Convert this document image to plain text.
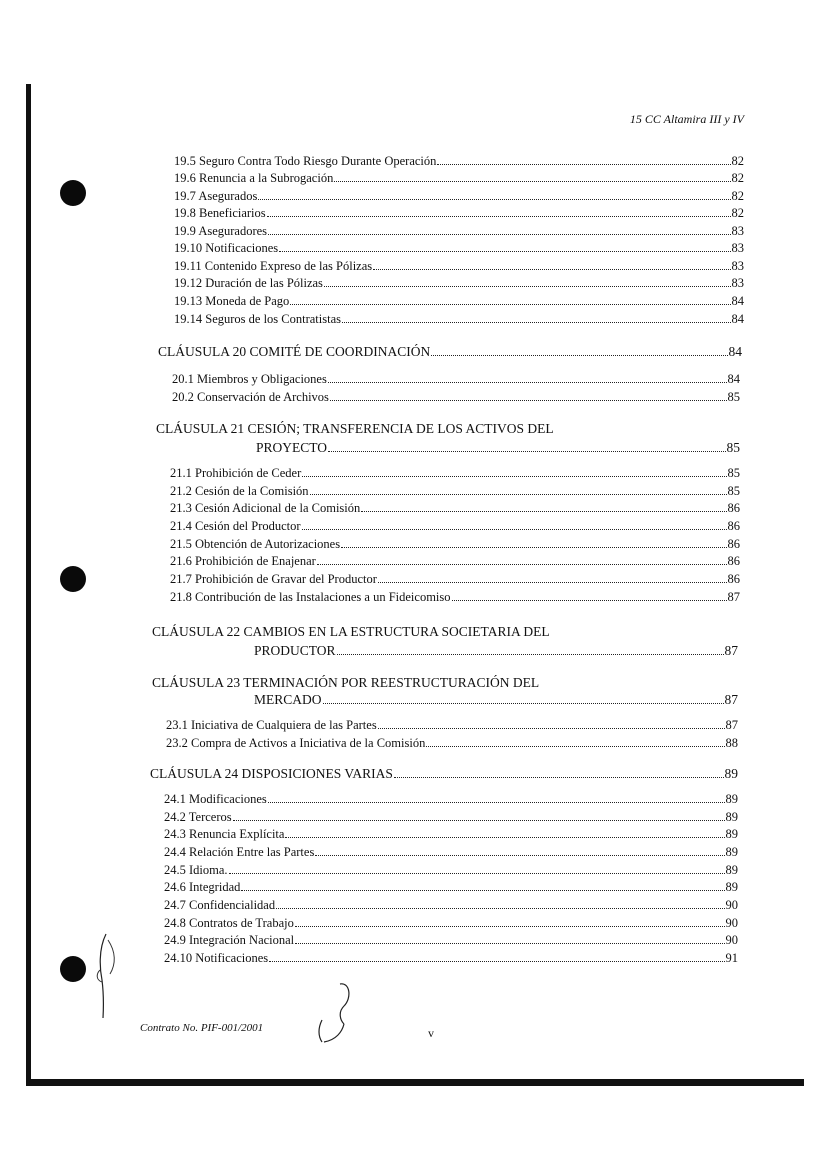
15 CC Altamira III y IV
19.5 Seguro Contra Todo Riesgo Durante Operación	82
19.6 Renuncia a la Subrogación	82
19.7 Asegurados	82
19.8 Beneficiarios	82
19.9 Aseguradores	83
19.10 Notificaciones	83
19.11 Contenido Expreso de las Pólizas	83
19.12 Duración de las Pólizas	83
19.13 Moneda de Pago	84
19.14 Seguros de los Contratistas	84
CLÁUSULA 20 COMITÉ DE COORDINACIÓN	84
20.1 Miembros y Obligaciones	84
20.2 Conservación de Archivos	85
CLÁUSULA 21 CESIÓN; TRANSFERENCIA DE LOS ACTIVOS DEL
PROYECTO	85
21.1 Prohibición de Ceder	85
21.2 Cesión de la Comisión	85
21.3 Cesión Adicional de la Comisión	86
21.4 Cesión del Productor	86
21.5 Obtención de Autorizaciones	86
21.6 Prohibición de Enajenar	86
21.7 Prohibición de Gravar del Productor	86
21.8 Contribución de las Instalaciones a un Fideicomiso	87
CLÁUSULA 22 CAMBIOS EN LA ESTRUCTURA SOCIETARIA DEL
PRODUCTOR	87
CLÁUSULA 23 TERMINACIÓN POR REESTRUCTURACIÓN DEL
MERCADO	87
23.1 Iniciativa de Cualquiera de las Partes	87
23.2 Compra de Activos a Iniciativa de la Comisión	88
CLÁUSULA 24 DISPOSICIONES VARIAS	89
24.1 Modificaciones	89
24.2 Terceros	89
24.3 Renuncia Explícita	89
24.4 Relación Entre las Partes	89
24.5 Idioma.	89
24.6 Integridad	89
24.7 Confidencialidad	90
24.8 Contratos de Trabajo	90
24.9 Integración Nacional	90
24.10 Notificaciones	91
Contrato No. PIF-001/2001	v
